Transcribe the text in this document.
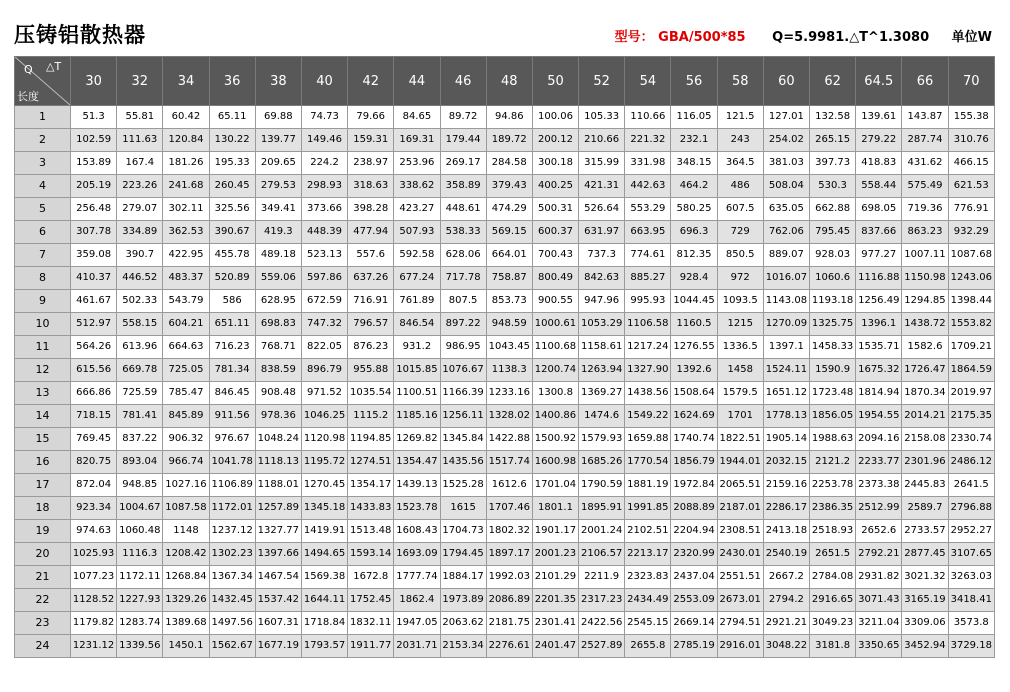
压铸铝散热器	型号： GBA/500*85 Q=5.9981.△T^1.3080 单位W
Q △T
长度	30	32	34	36	38	40	42	44	46	48	50	52	54	56	58	60	62	64.5	66	70
1	51.3	55.81	60.42	65.11	69.88	74.73	79.66	84.65	89.72	94.86	100.06	105.33	110.66	116.05	121.5	127.01	132.58	139.61	143.87	155.38
2	102.59	111.63	120.84	130.22	139.77	149.46	159.31	169.31	179.44	189.72	200.12	210.66	221.32	232.1	243	254.02	265.15	279.22	287.74	310.76
3	153.89	167.4	181.26	195.33	209.65	224.2	238.97	253.96	269.17	284.58	300.18	315.99	331.98	348.15	364.5	381.03	397.73	418.83	431.62	466.15
4	205.19	223.26	241.68	260.45	279.53	298.93	318.63	338.62	358.89	379.43	400.25	421.31	442.63	464.2	486	508.04	530.3	558.44	575.49	621.53
5	256.48	279.07	302.11	325.56	349.41	373.66	398.28	423.27	448.61	474.29	500.31	526.64	553.29	580.25	607.5	635.05	662.88	698.05	719.36	776.91
6	307.78	334.89	362.53	390.67	419.3	448.39	477.94	507.93	538.33	569.15	600.37	631.97	663.95	696.3	729	762.06	795.45	837.66	863.23	932.29
7	359.08	390.7	422.95	455.78	489.18	523.13	557.6	592.58	628.06	664.01	700.43	737.3	774.61	812.35	850.5	889.07	928.03	977.27	1007.11	1087.68
8	410.37	446.52	483.37	520.89	559.06	597.86	637.26	677.24	717.78	758.87	800.49	842.63	885.27	928.4	972	1016.07	1060.6	1116.88	1150.98	1243.06
9	461.67	502.33	543.79	586	628.95	672.59	716.91	761.89	807.5	853.73	900.55	947.96	995.93	1044.45	1093.5	1143.08	1193.18	1256.49	1294.85	1398.44
10	512.97	558.15	604.21	651.11	698.83	747.32	796.57	846.54	897.22	948.59	1000.61	1053.29	1106.58	1160.5	1215	1270.09	1325.75	1396.1	1438.72	1553.82
11	564.26	613.96	664.63	716.23	768.71	822.05	876.23	931.2	986.95	1043.45	1100.68	1158.61	1217.24	1276.55	1336.5	1397.1	1458.33	1535.71	1582.6	1709.21
12	615.56	669.78	725.05	781.34	838.59	896.79	955.88	1015.85	1076.67	1138.3	1200.74	1263.94	1327.90	1392.6	1458	1524.11	1590.9	1675.32	1726.47	1864.59
13	666.86	725.59	785.47	846.45	908.48	971.52	1035.54	1100.51	1166.39	1233.16	1300.8	1369.27	1438.56	1508.64	1579.5	1651.12	1723.48	1814.94	1870.34	2019.97
14	718.15	781.41	845.89	911.56	978.36	1046.25	1115.2	1185.16	1256.11	1328.02	1400.86	1474.6	1549.22	1624.69	1701	1778.13	1856.05	1954.55	2014.21	2175.35
15	769.45	837.22	906.32	976.67	1048.24	1120.98	1194.85	1269.82	1345.84	1422.88	1500.92	1579.93	1659.88	1740.74	1822.51	1905.14	1988.63	2094.16	2158.08	2330.74
16	820.75	893.04	966.74	1041.78	1118.13	1195.72	1274.51	1354.47	1435.56	1517.74	1600.98	1685.26	1770.54	1856.79	1944.01	2032.15	2121.2	2233.77	2301.96	2486.12
17	872.04	948.85	1027.16	1106.89	1188.01	1270.45	1354.17	1439.13	1525.28	1612.6	1701.04	1790.59	1881.19	1972.84	2065.51	2159.16	2253.78	2373.38	2445.83	2641.5
18	923.34	1004.67	1087.58	1172.01	1257.89	1345.18	1433.83	1523.78	1615	1707.46	1801.1	1895.91	1991.85	2088.89	2187.01	2286.17	2386.35	2512.99	2589.7	2796.88
19	974.63	1060.48	1148	1237.12	1327.77	1419.91	1513.48	1608.43	1704.73	1802.32	1901.17	2001.24	2102.51	2204.94	2308.51	2413.18	2518.93	2652.6	2733.57	2952.27
20	1025.93	1116.3	1208.42	1302.23	1397.66	1494.65	1593.14	1693.09	1794.45	1897.17	2001.23	2106.57	2213.17	2320.99	2430.01	2540.19	2651.5	2792.21	2877.45	3107.65
21	1077.23	1172.11	1268.84	1367.34	1467.54	1569.38	1672.8	1777.74	1884.17	1992.03	2101.29	2211.9	2323.83	2437.04	2551.51	2667.2	2784.08	2931.82	3021.32	3263.03
22	1128.52	1227.93	1329.26	1432.45	1537.42	1644.11	1752.45	1862.4	1973.89	2086.89	2201.35	2317.23	2434.49	2553.09	2673.01	2794.2	2916.65	3071.43	3165.19	3418.41
23	1179.82	1283.74	1389.68	1497.56	1607.31	1718.84	1832.11	1947.05	2063.62	2181.75	2301.41	2422.56	2545.15	2669.14	2794.51	2921.21	3049.23	3211.04	3309.06	3573.8
24	1231.12	1339.56	1450.1	1562.67	1677.19	1793.57	1911.77	2031.71	2153.34	2276.61	2401.47	2527.89	2655.8	2785.19	2916.01	3048.22	3181.8	3350.65	3452.94	3729.18
